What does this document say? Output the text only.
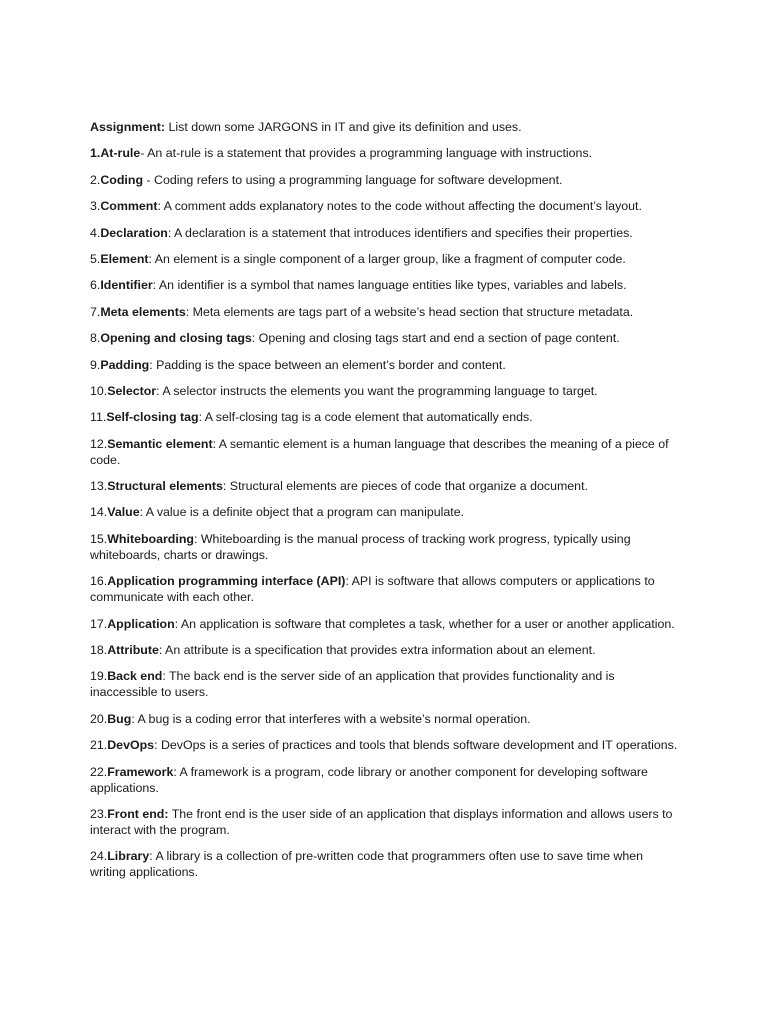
Assignment: List down some JARGONS in IT and give its definition and uses.

1.At-rule- An at-rule is a statement that provides a programming language with instructions.

2.Coding - Coding refers to using a programming language for software development.

3.Comment: A comment adds explanatory notes to the code without affecting the document’s layout.

4.Declaration: A declaration is a statement that introduces identifiers and specifies their properties.

5.Element: An element is a single component of a larger group, like a fragment of computer code.

6.Identifier: An identifier is a symbol that names language entities like types, variables and labels.

7.Meta elements: Meta elements are tags part of a website’s head section that structure metadata.

8.Opening and closing tags: Opening and closing tags start and end a section of page content.

9.Padding: Padding is the space between an element’s border and content.

10.Selector: A selector instructs the elements you want the programming language to target.

11.Self-closing tag: A self-closing tag is a code element that automatically ends.

12.Semantic element: A semantic element is a human language that describes the meaning of a piece of code.

13.Structural elements: Structural elements are pieces of code that organize a document.

14.Value: A value is a definite object that a program can manipulate.

15.Whiteboarding: Whiteboarding is the manual process of tracking work progress, typically using whiteboards, charts or drawings.

16.Application programming interface (API): API is software that allows computers or applications to communicate with each other.

17.Application: An application is software that completes a task, whether for a user or another application.

18.Attribute: An attribute is a specification that provides extra information about an element.

19.Back end: The back end is the server side of an application that provides functionality and is inaccessible to users.

20.Bug: A bug is a coding error that interferes with a website’s normal operation.

21.DevOps: DevOps is a series of practices and tools that blends software development and IT operations.

22.Framework: A framework is a program, code library or another component for developing software applications.

23.Front end: The front end is the user side of an application that displays information and allows users to interact with the program.

24.Library: A library is a collection of pre-written code that programmers often use to save time when writing applications.
